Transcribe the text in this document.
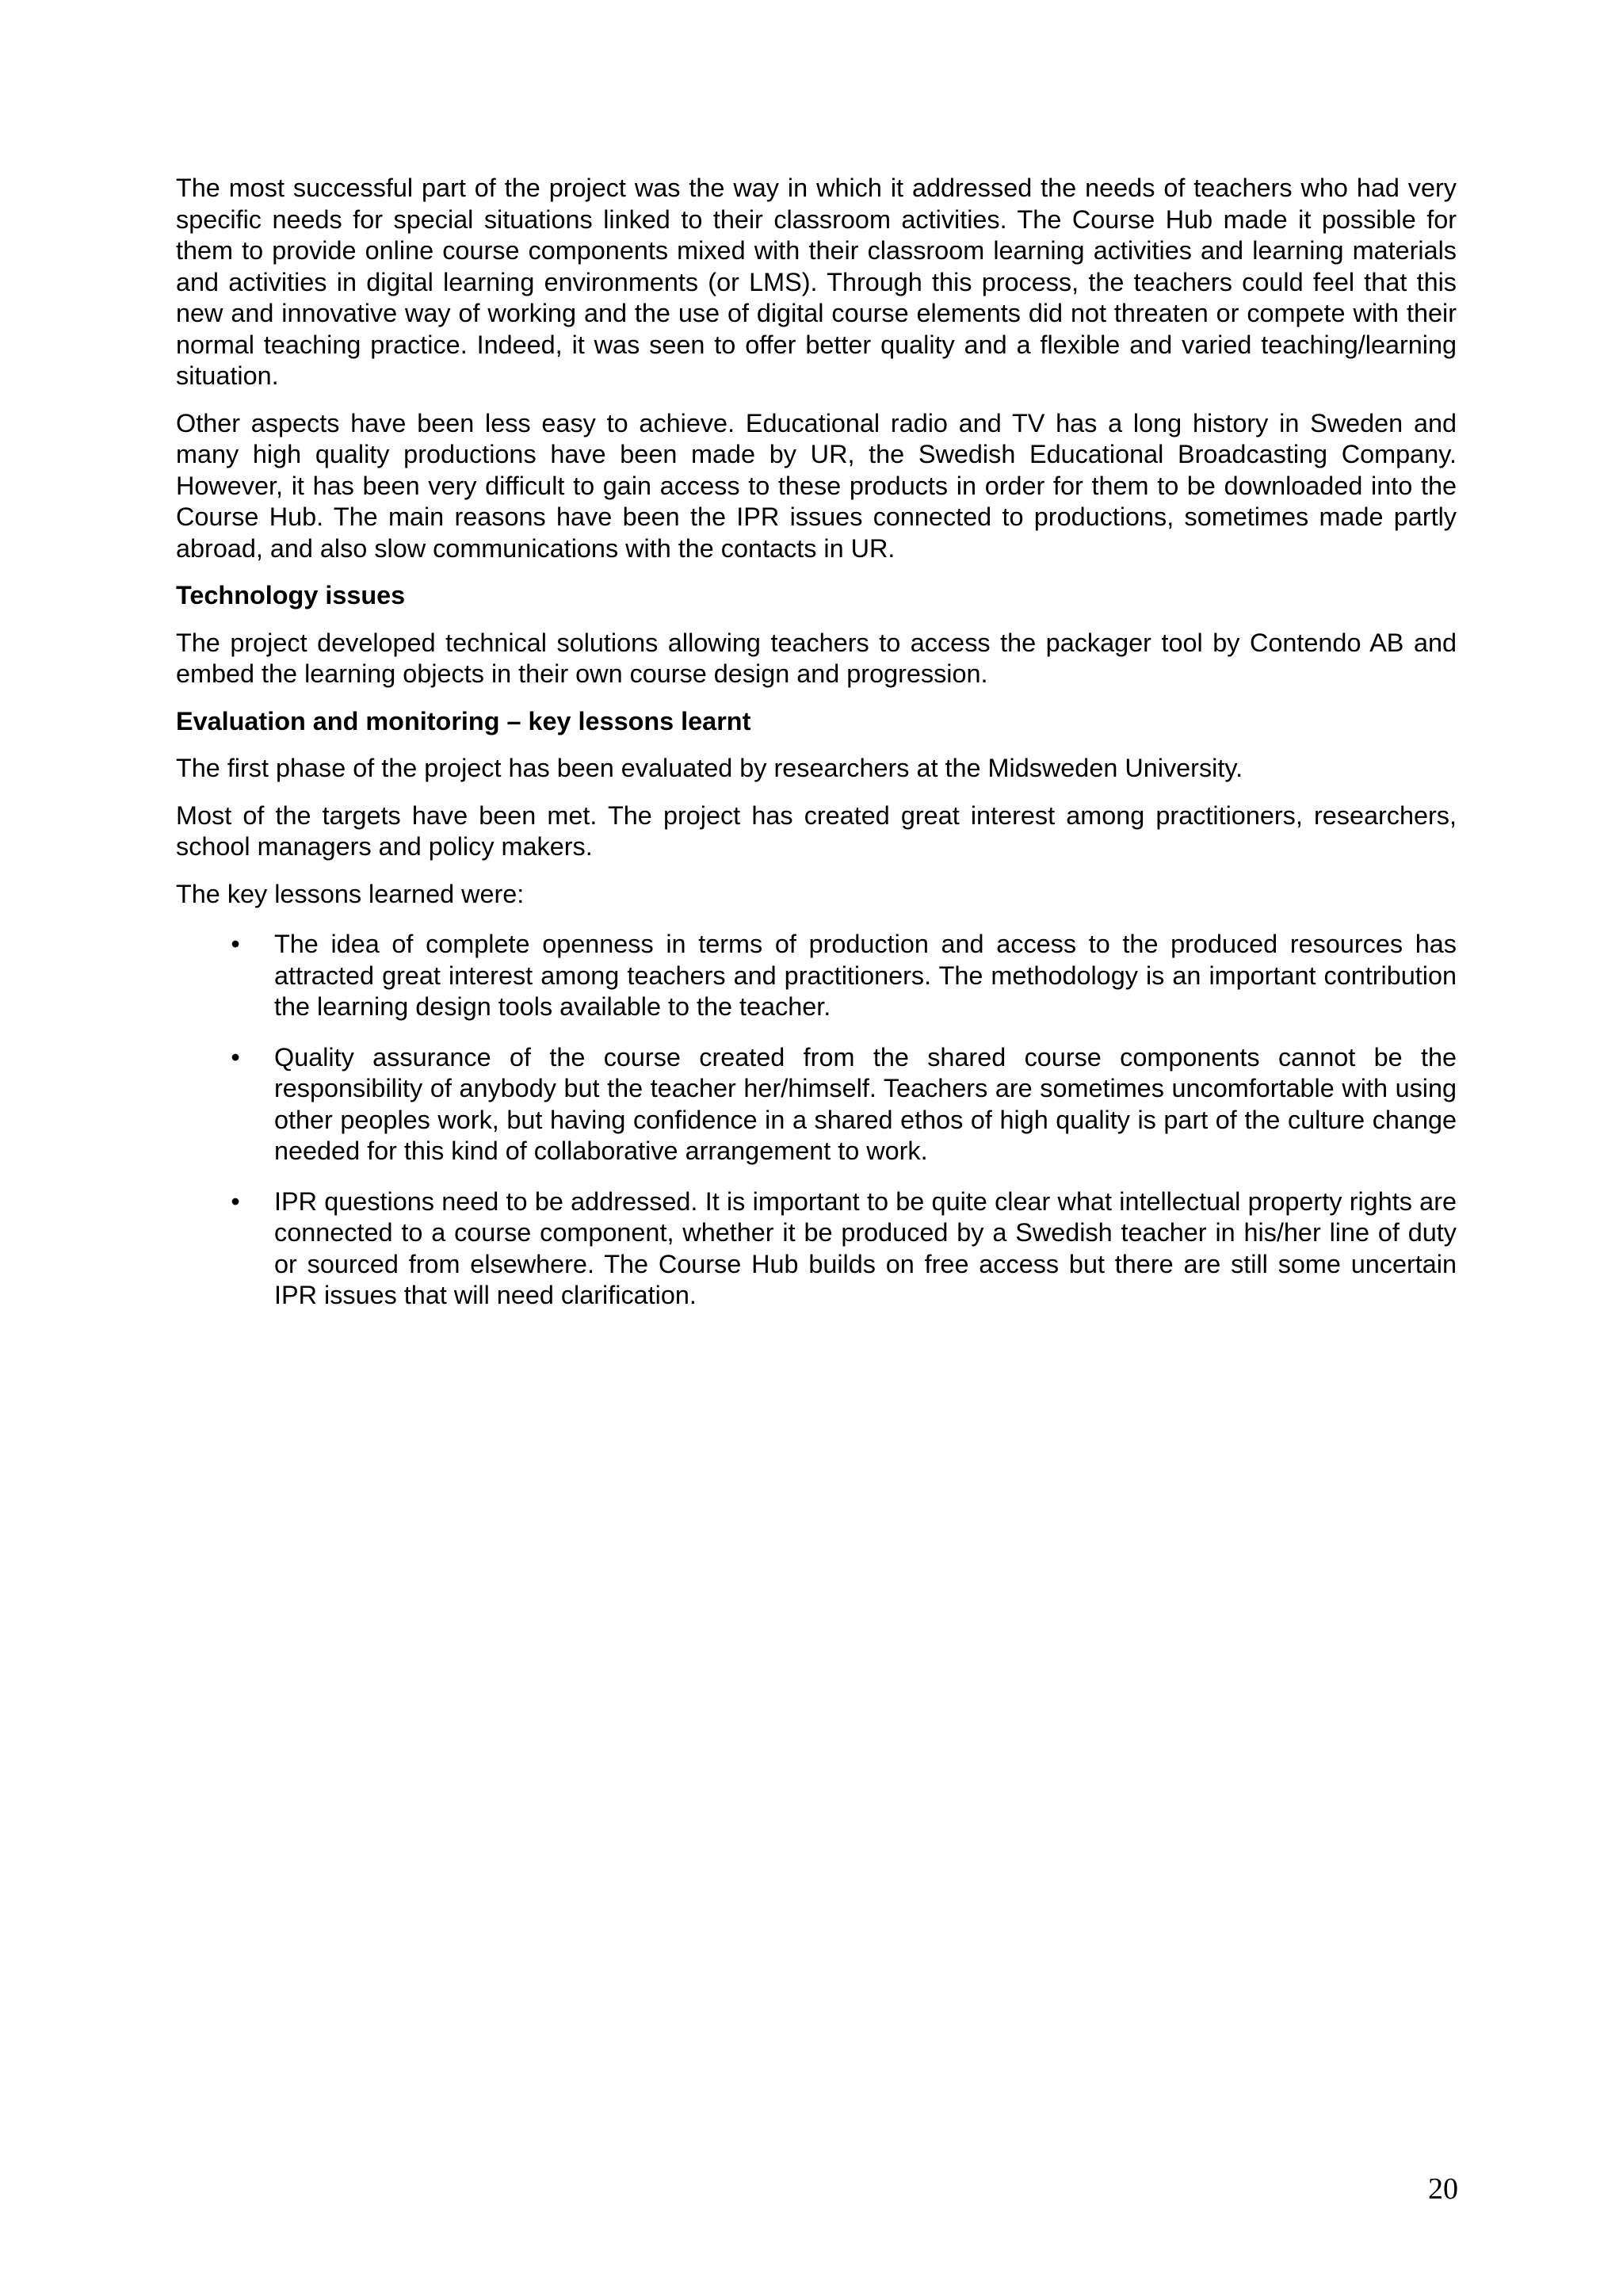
The most successful part of the project was the way in which it addressed the needs of teachers who had very specific needs for special situations linked to their classroom activities. The Course Hub made it possible for them to provide online course components mixed with their classroom learning activities and learning materials and activities in digital learning environments (or LMS). Through this process, the teachers could feel that this new and innovative way of working and the use of digital course elements did not threaten or compete with their normal teaching practice. Indeed, it was seen to offer better quality and a flexible and varied teaching/learning situation.

Other aspects have been less easy to achieve. Educational radio and TV has a long history in Sweden and many high quality productions have been made by UR, the Swedish Educational Broadcasting Company. However, it has been very difficult to gain access to these products in order for them to be downloaded into the Course Hub. The main reasons have been the IPR issues connected to productions, sometimes made partly abroad, and also slow communications with the contacts in UR.

Technology issues

The project developed technical solutions allowing teachers to access the packager tool by Contendo AB and embed the learning objects in their own course design and progression.

Evaluation and monitoring – key lessons learnt

The first phase of the project has been evaluated by researchers at the Midsweden University.

Most of the targets have been met. The project has created great interest among practitioners, researchers, school managers and policy makers.

The key lessons learned were:

• The idea of complete openness in terms of production and access to the produced resources has attracted great interest among teachers and practitioners. The methodology is an important contribution the learning design tools available to the teacher.
• Quality assurance of the course created from the shared course components cannot be the responsibility of anybody but the teacher her/himself. Teachers are sometimes uncomfortable with using other peoples work, but having confidence in a shared ethos of high quality is part of the culture change needed for this kind of collaborative arrangement to work.
• IPR questions need to be addressed. It is important to be quite clear what intellectual property rights are connected to a course component, whether it be produced by a Swedish teacher in his/her line of duty or sourced from elsewhere. The Course Hub builds on free access but there are still some uncertain IPR issues that will need clarification.
20
